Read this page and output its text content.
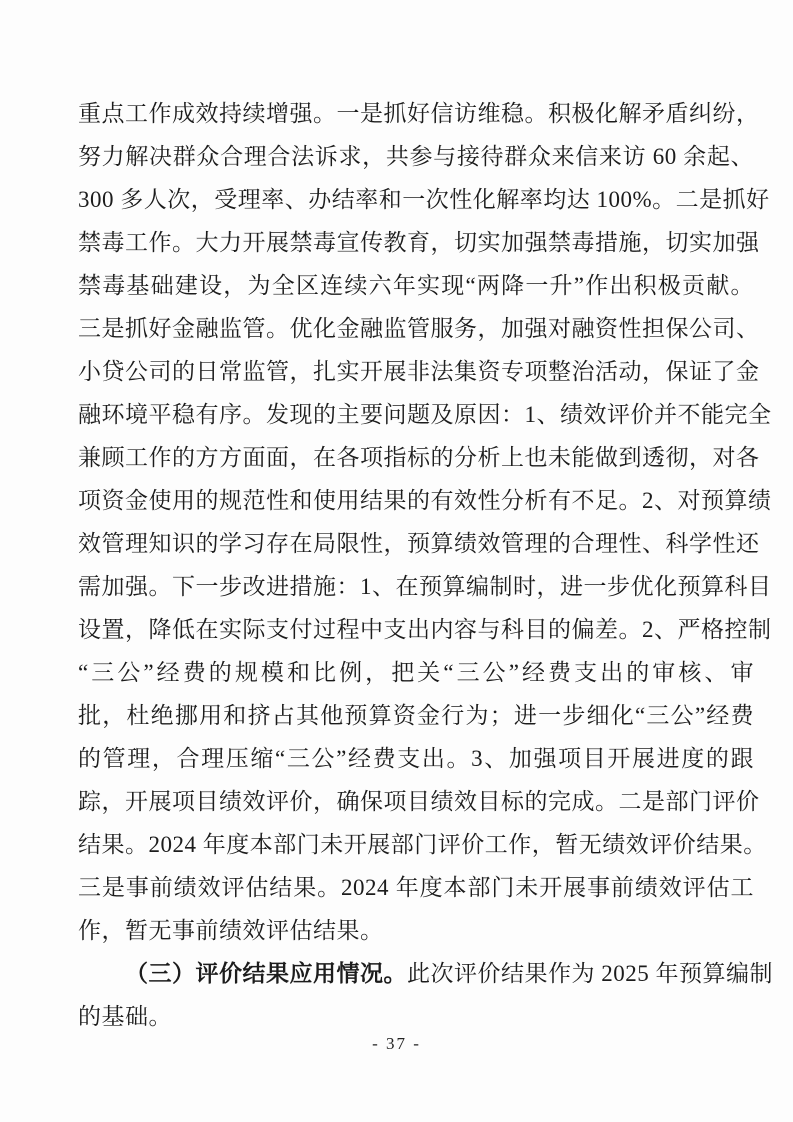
重点工作成效持续增强。一是抓好信访维稳。积极化解矛盾纠纷，
努力解决群众合理合法诉求，共参与接待群众来信来访 60 余起、
300 多人次，受理率、办结率和一次性化解率均达 100%。二是抓好
禁毒工作。大力开展禁毒宣传教育，切实加强禁毒措施，切实加强
禁毒基础建设，为全区连续六年实现“两降一升”作出积极贡献。
三是抓好金融监管。优化金融监管服务，加强对融资性担保公司、
小贷公司的日常监管，扎实开展非法集资专项整治活动，保证了金
融环境平稳有序。发现的主要问题及原因：1、绩效评价并不能完全
兼顾工作的方方面面，在各项指标的分析上也未能做到透彻，对各
项资金使用的规范性和使用结果的有效性分析有不足。2、对预算绩
效管理知识的学习存在局限性，预算绩效管理的合理性、科学性还
需加强。下一步改进措施：1、在预算编制时，进一步优化预算科目
设置，降低在实际支付过程中支出内容与科目的偏差。2、严格控制
“三公”经费的规模和比例，把关“三公”经费支出的审核、审
批，杜绝挪用和挤占其他预算资金行为；进一步细化“三公”经费
的管理，合理压缩“三公”经费支出。3、加强项目开展进度的跟
踪，开展项目绩效评价，确保项目绩效目标的完成。二是部门评价
结果。2024 年度本部门未开展部门评价工作，暂无绩效评价结果。
三是事前绩效评估结果。2024 年度本部门未开展事前绩效评估工
作，暂无事前绩效评估结果。
（三）评价结果应用情况。此次评价结果作为 2025 年预算编制
的基础。
- 37 -
